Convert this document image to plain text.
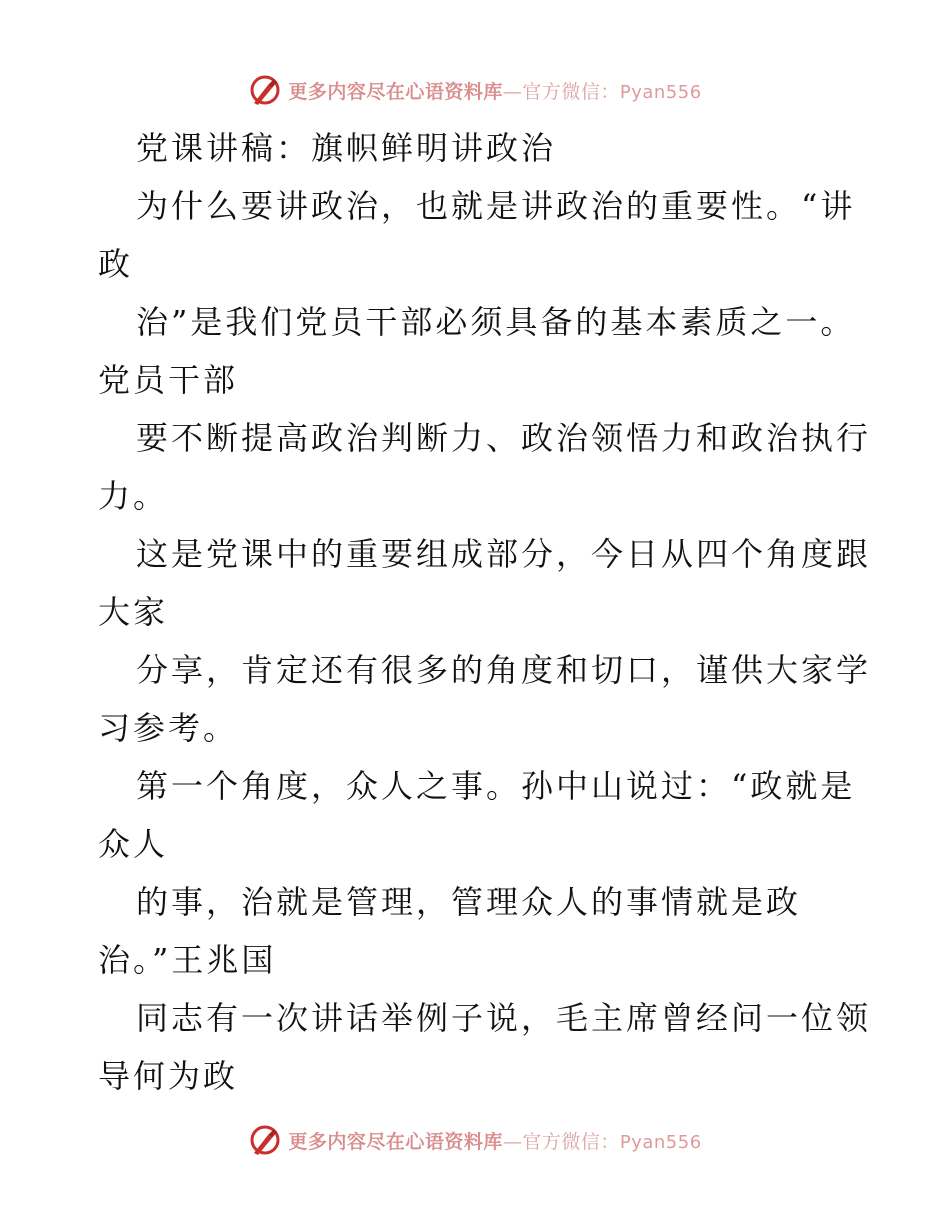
更多内容尽在心语资料库—官方微信：Pyan556
党课讲稿：旗帜鲜明讲政治
为什么要讲政治，也就是讲政治的重要性。“讲
政
治”是我们党员干部必须具备的基本素质之一。
党员干部
要不断提高政治判断力、政治领悟力和政治执行
力。
这是党课中的重要组成部分，今日从四个角度跟
大家
分享，肯定还有很多的角度和切口，谨供大家学
习参考。
第一个角度，众人之事。孙中山说过：“政就是
众人
的事，治就是管理，管理众人的事情就是政
治。”王兆国
同志有一次讲话举例子说，毛主席曾经问一位领
导何为政
更多内容尽在心语资料库—官方微信：Pyan556
